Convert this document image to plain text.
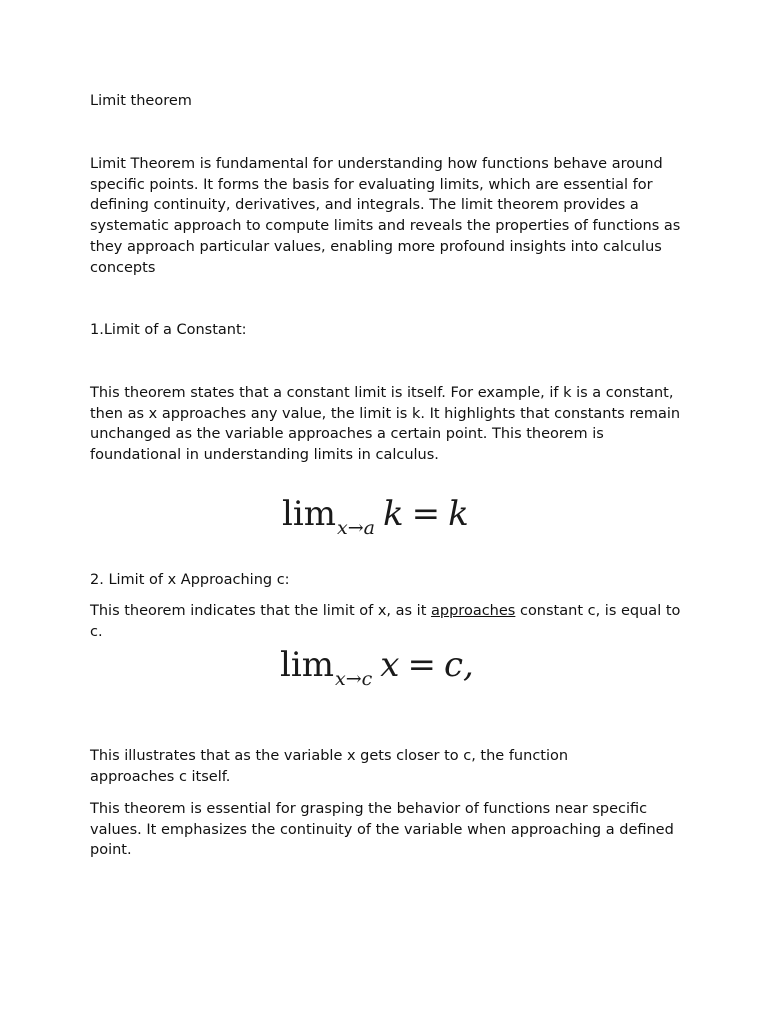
Limit theorem

Limit Theorem is fundamental for understanding how functions behave around specific points. It forms the basis for evaluating limits, which are essential for defining continuity, derivatives, and integrals. The limit theorem provides a systematic approach to compute limits and reveals the properties of functions as they approach particular values, enabling more profound insights into calculus concepts

1.Limit of a Constant:

This theorem states that a constant limit is itself. For example, if k is a constant, then as x approaches any value, the limit is k. It highlights that constants remain unchanged as the variable approaches a certain point. This theorem is foundational in understanding limits in calculus.

$\lim_{x\to a} k = k$

2. Limit of x Approaching c:

This theorem indicates that the limit of x, as it approaches constant c, is equal to c.

$\lim_{x\to c} x = c$,

This illustrates that as the variable x gets closer to c, the function approaches c itself.

This theorem is essential for grasping the behavior of functions near specific values. It emphasizes the continuity of the variable when approaching a defined point.
